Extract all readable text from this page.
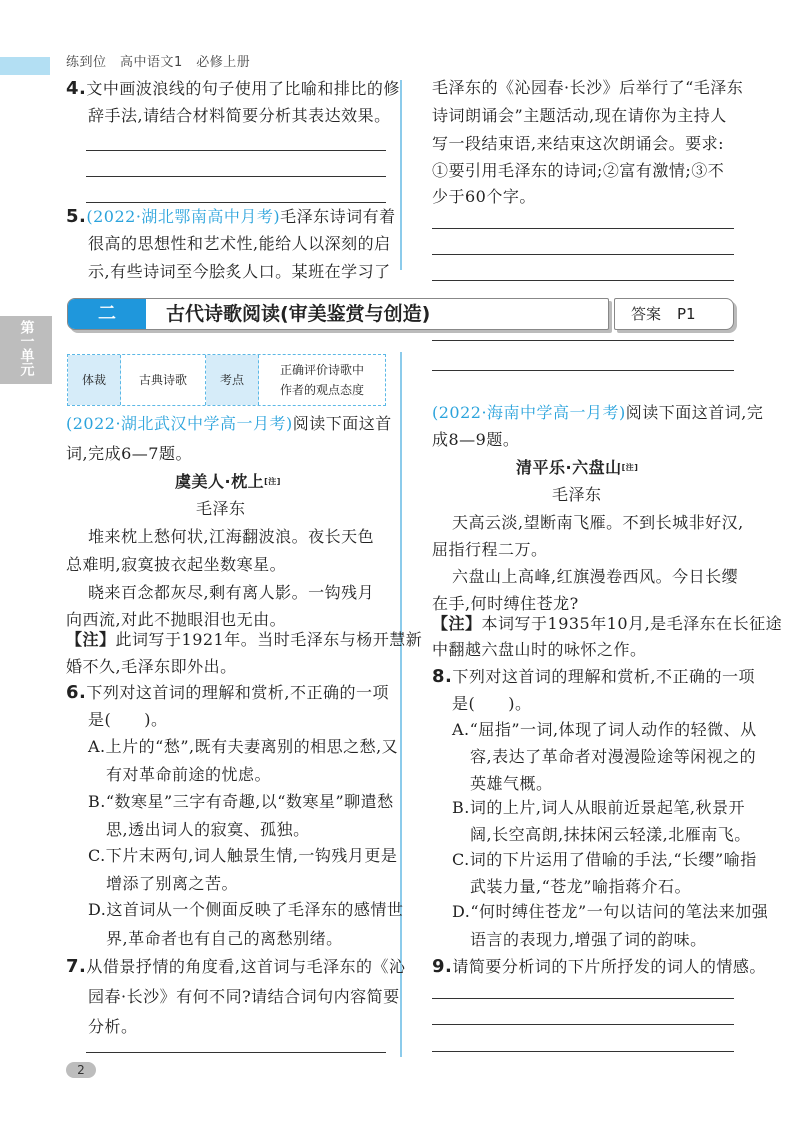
练到位　高中语文1　必修上册
第一单元
4.文中画波浪线的句子使用了比喻和排比的修
辞手法,请结合材料简要分析其表达效果。
5.(2022·湖北鄂南高中月考)毛泽东诗词有着
很高的思想性和艺术性,能给人以深刻的启
示,有些诗词至今脍炙人口。某班在学习了
毛泽东的《沁园春·长沙》后举行了“毛泽东
诗词朗诵会”主题活动,现在请你为主持人
写一段结束语,来结束这次朗诵会。要求:
①要引用毛泽东的诗词;②富有激情;③不
少于60个字。
二	古代诗歌阅读(审美鉴赏与创造)	答案 P1
体裁	古典诗歌	考点
正确评价诗歌中
作者的观点态度
(2022·湖北武汉中学高一月考)阅读下面这首
词,完成6—7题。
虞美人·枕上[注]
毛泽东
堆来枕上愁何状,江海翻波浪。夜长天色
总难明,寂寞披衣起坐数寒星。
晓来百念都灰尽,剩有离人影。一钩残月
向西流,对此不抛眼泪也无由。
【注】此词写于1921年。当时毛泽东与杨开慧新
婚不久,毛泽东即外出。
6.下列对这首词的理解和赏析,不正确的一项
是(　　)。
A.上片的“愁”,既有夫妻离别的相思之愁,又
有对革命前途的忧虑。
B.“数寒星”三字有奇趣,以“数寒星”聊遣愁
思,透出词人的寂寞、孤独。
C.下片末两句,词人触景生情,一钩残月更是
增添了别离之苦。
D.这首词从一个侧面反映了毛泽东的感情世
界,革命者也有自己的离愁别绪。
7.从借景抒情的角度看,这首词与毛泽东的《沁
园春·长沙》有何不同?请结合词句内容简要
分析。
(2022·海南中学高一月考)阅读下面这首词,完
成8—9题。
清平乐·六盘山[注]
毛泽东
天高云淡,望断南飞雁。不到长城非好汉,
屈指行程二万。
六盘山上高峰,红旗漫卷西风。今日长缨
在手,何时缚住苍龙?
【注】本词写于1935年10月,是毛泽东在长征途
中翻越六盘山时的咏怀之作。
8.下列对这首词的理解和赏析,不正确的一项
是(　　)。
A.“屈指”一词,体现了词人动作的轻微、从
容,表达了革命者对漫漫险途等闲视之的
英雄气概。
B.词的上片,词人从眼前近景起笔,秋景开
阔,长空高朗,抹抹闲云轻漾,北雁南飞。
C.词的下片运用了借喻的手法,“长缨”喻指
武装力量,“苍龙”喻指蒋介石。
D.“何时缚住苍龙”一句以诘问的笔法来加强
语言的表现力,增强了词的韵味。
9.请简要分析词的下片所抒发的词人的情感。
2
